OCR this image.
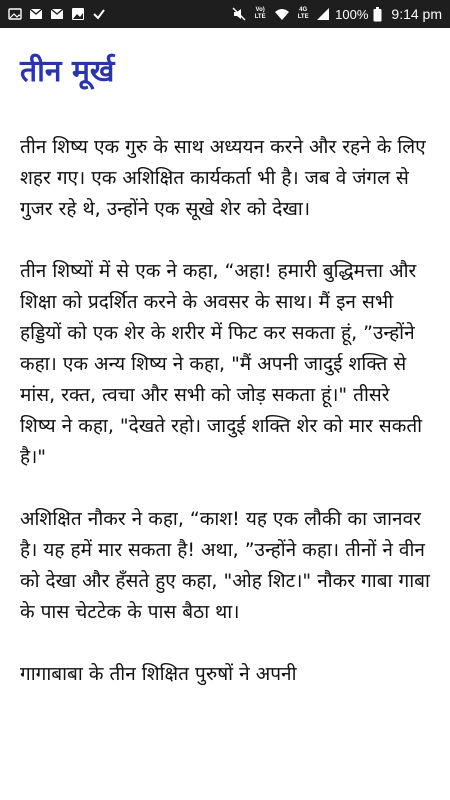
Vo) LTE
4G LTE 100% 9:14 pm
तीन मूर्ख

तीन शिष्य एक गुरु के साथ अध्ययन करने और रहने के लिए शहर गए। एक अशिक्षित कार्यकर्ता भी है। जब वे जंगल से गुजर रहे थे, उन्होंने एक सूखे शेर को देखा।

तीन शिष्यों में से एक ने कहा, “अहा! हमारी बुद्धिमत्ता और शिक्षा को प्रदर्शित करने के अवसर के साथ। मैं इन सभी हड्डियों को एक शेर के शरीर में फिट कर सकता हूं, ”उन्होंने कहा। एक अन्य शिष्य ने कहा, "मैं अपनी जादुई शक्ति से मांस, रक्त, त्वचा और सभी को जोड़ सकता हूं।" तीसरे शिष्य ने कहा, "देखते रहो। जादुई शक्ति शेर को मार सकती है।"

अशिक्षित नौकर ने कहा, “काश! यह एक लौकी का जानवर है। यह हमें मार सकता है! अथा, ”उन्होंने कहा। तीनों ने वीन को देखा और हँसते हुए कहा, "ओह शिट।" नौकर गाबा गाबा के पास चेटटेक के पास बैठा था।

गागाबाबा के तीन शिक्षित पुरुषों ने अपनी
